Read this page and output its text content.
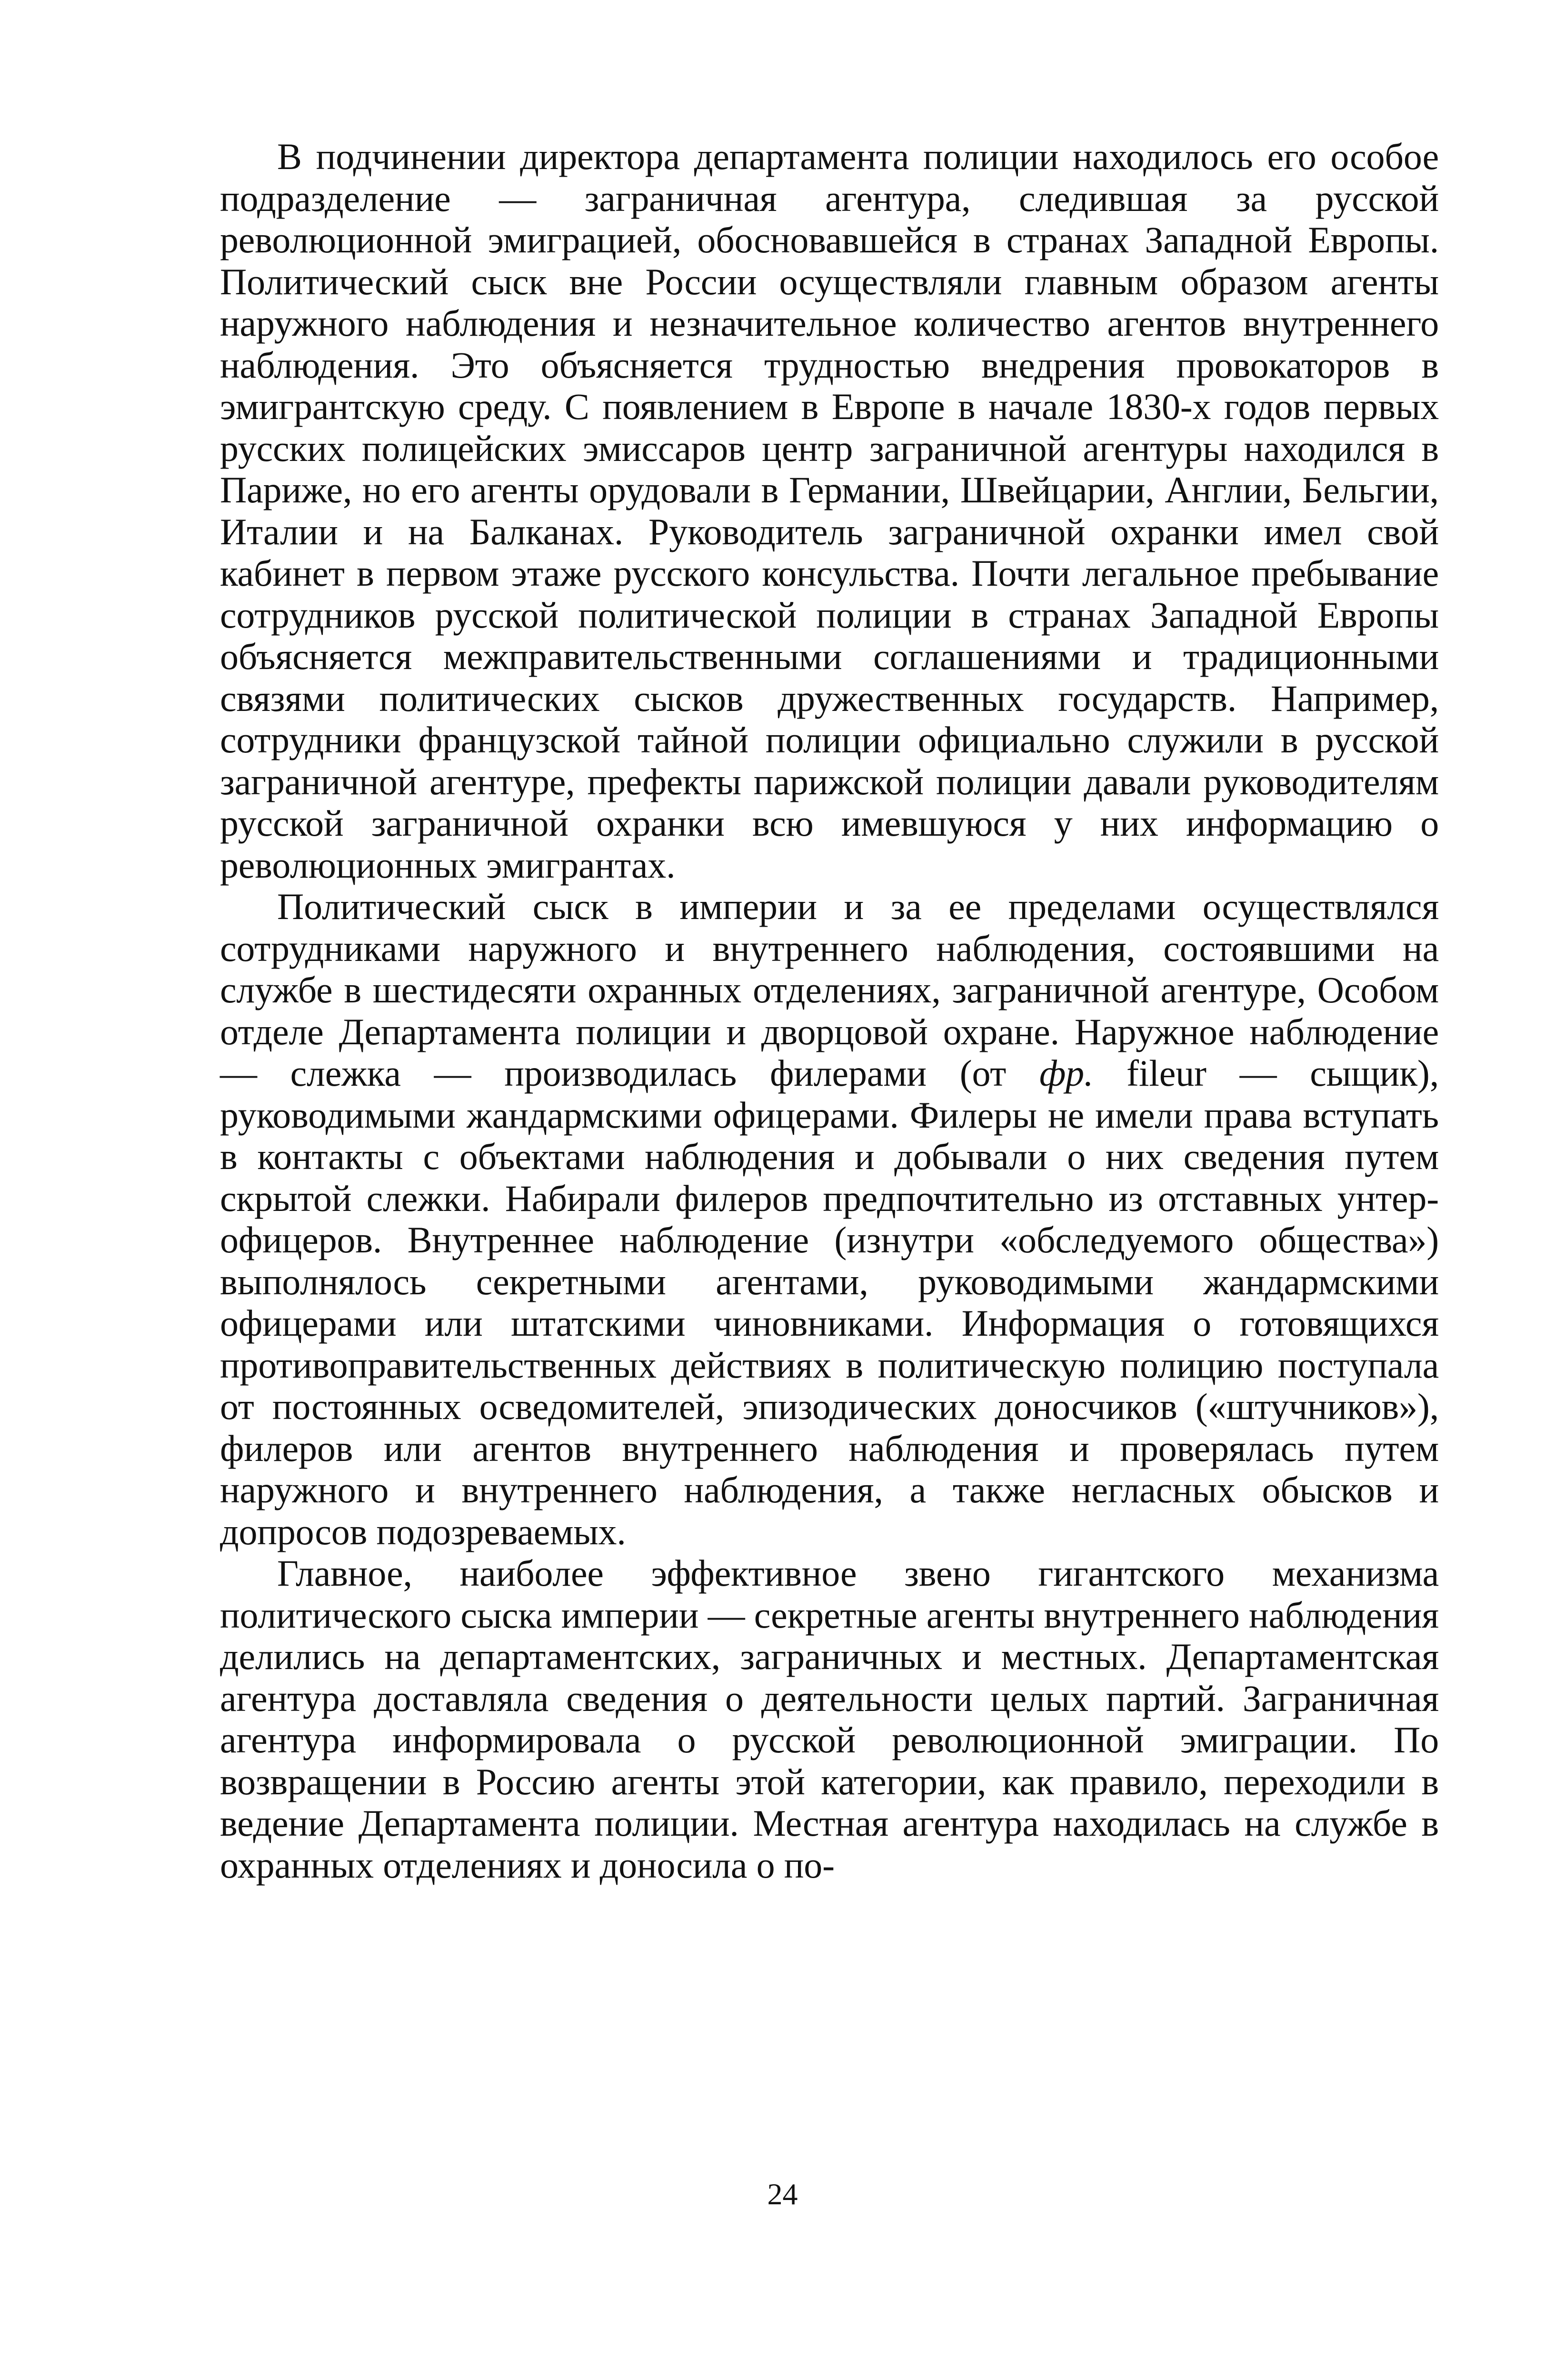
В подчинении директора департамента полиции находилось его особое подразделение — заграничная агентура, следившая за русской революционной эмиграцией, обосновавшейся в странах Западной Европы. Политический сыск вне России осуществляли главным образом агенты наружного наблюдения и незначительное количество агентов внутреннего наблюдения. Это объясняется трудностью внедрения провокаторов в эмигрантскую среду. С появлением в Европе в начале 1830-х годов первых русских полицейских эмиссаров центр заграничной агентуры находился в Париже, но его агенты орудовали в Германии, Швейцарии, Англии, Бельгии, Италии и на Балканах. Руководитель заграничной охранки имел свой кабинет в первом этаже русского консульства. Почти легальное пребывание сотрудников русской политической полиции в странах Западной Европы объясняется межправительственными соглашениями и традиционными связями политических сысков дружественных государств. Например, сотрудники французской тайной полиции официально служили в русской заграничной агентуре, префекты парижской полиции давали руководителям русской заграничной охранки всю имевшуюся у них информацию о революционных эмигрантах.

Политический сыск в империи и за ее пределами осуществлялся сотрудниками наружного и внутреннего наблюдения, состоявшими на службе в шестидесяти охранных отделениях, заграничной агентуре, Особом отделе Департамента полиции и дворцовой охране. Наружное наблюдение — слежка — производилась филерами (от фр. fileur — сыщик), руководимыми жандармскими офицерами. Филеры не имели права вступать в контакты с объектами наблюдения и добывали о них сведения путем скрытой слежки. Набирали филеров предпочтительно из отставных унтер-офицеров. Внутреннее наблюдение (изнутри «обследуемого общества») выполнялось секретными агентами, руководимыми жандармскими офицерами или штатскими чиновниками. Информация о готовящихся противоправительственных действиях в политическую полицию поступала от постоянных осведомителей, эпизодических доносчиков («штучников»), филеров или агентов внутреннего наблюдения и проверялась путем наружного и внутреннего наблюдения, а также негласных обысков и допросов подозреваемых.

Главное, наиболее эффективное звено гигантского механизма политического сыска империи — секретные агенты внутреннего наблюдения делились на департаментских, заграничных и местных. Департаментская агентура доставляла сведения о деятельности целых партий. Заграничная агентура информировала о русской революционной эмиграции. По возвращении в Россию агенты этой категории, как правило, переходили в ведение Департамента полиции. Местная агентура находилась на службе в охранных отделениях и доносила о по-

24
